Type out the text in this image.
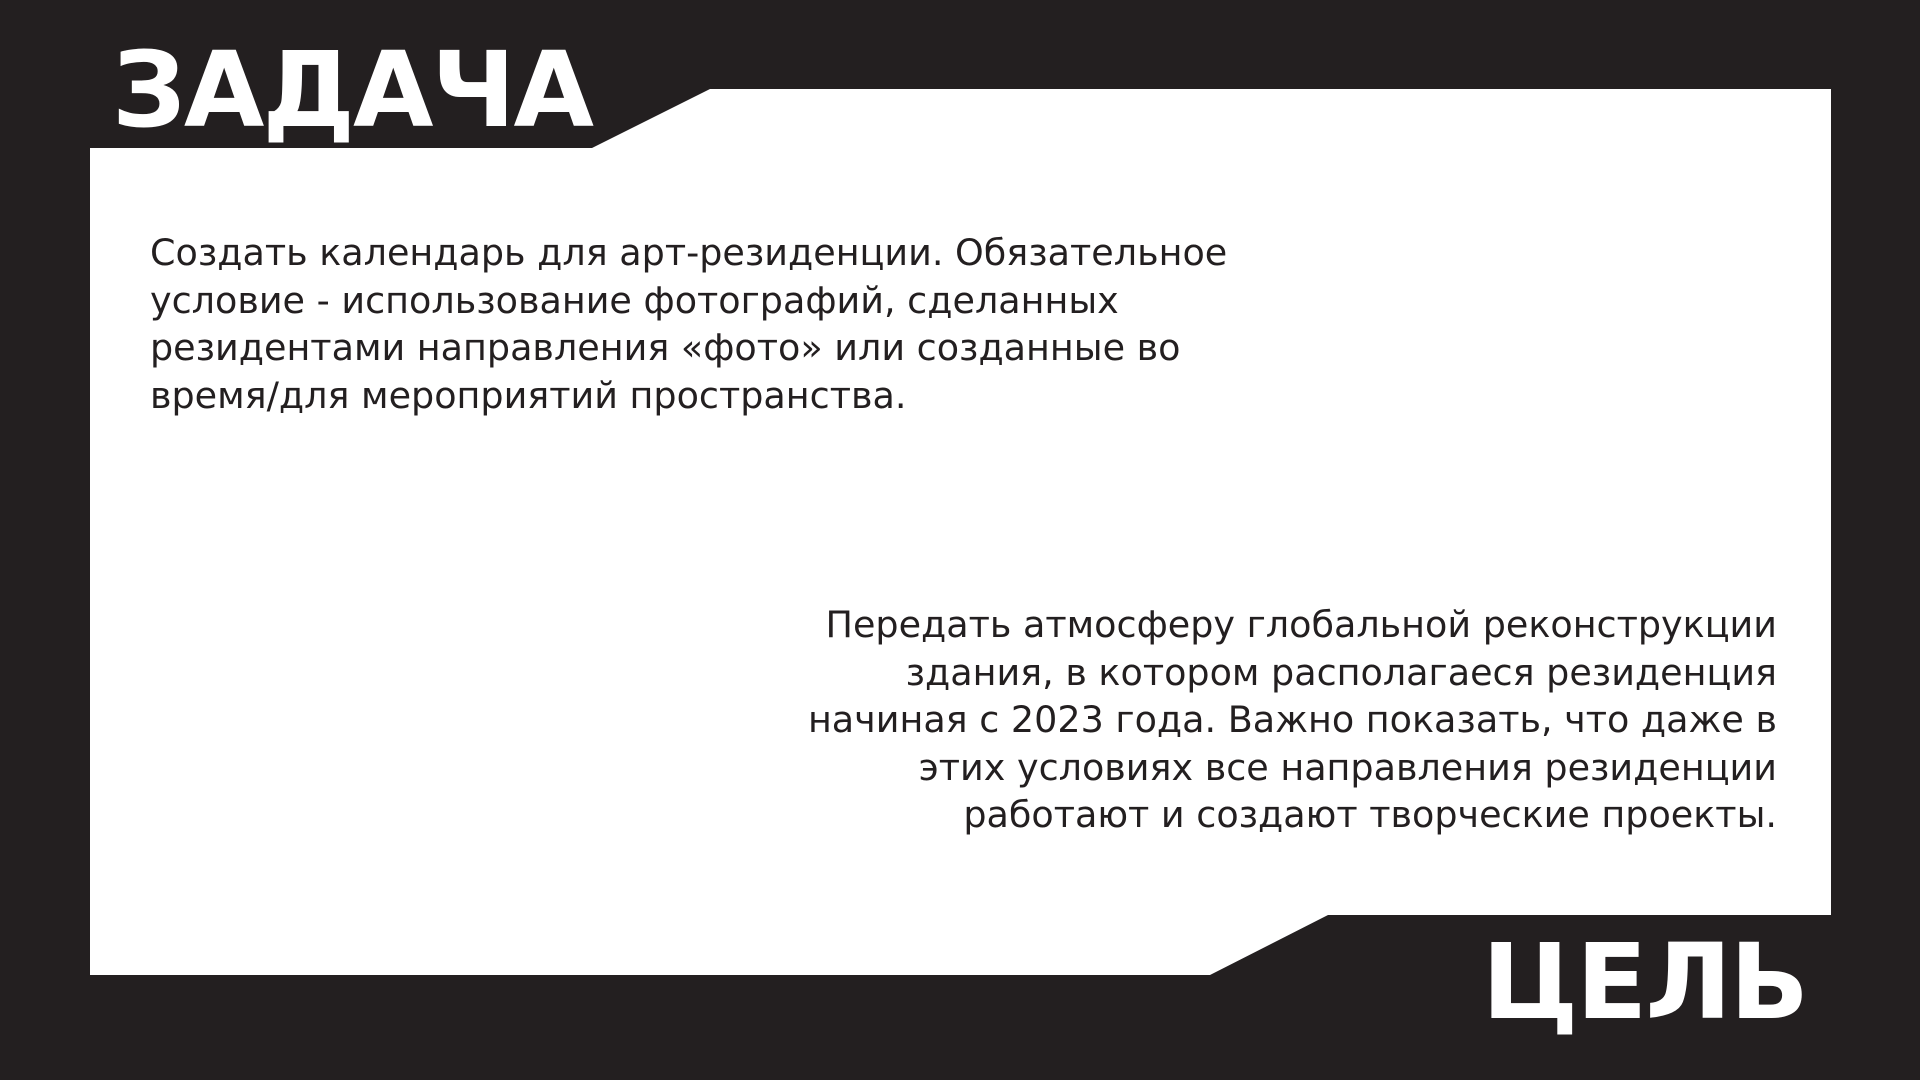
ЗАДАЧА
Создать календарь для арт-резиденции. Обязательное
условие - использование фотографий, сделанных
резидентами направления «фото» или созданные во
время/для мероприятий пространства.
Передать атмосферу глобальной реконструкции
здания, в котором располагаеся резиденция
начиная с 2023 года. Важно показать, что даже в
этих условиях все направления резиденции
работают и создают творческие проекты.
ЦЕЛЬ
